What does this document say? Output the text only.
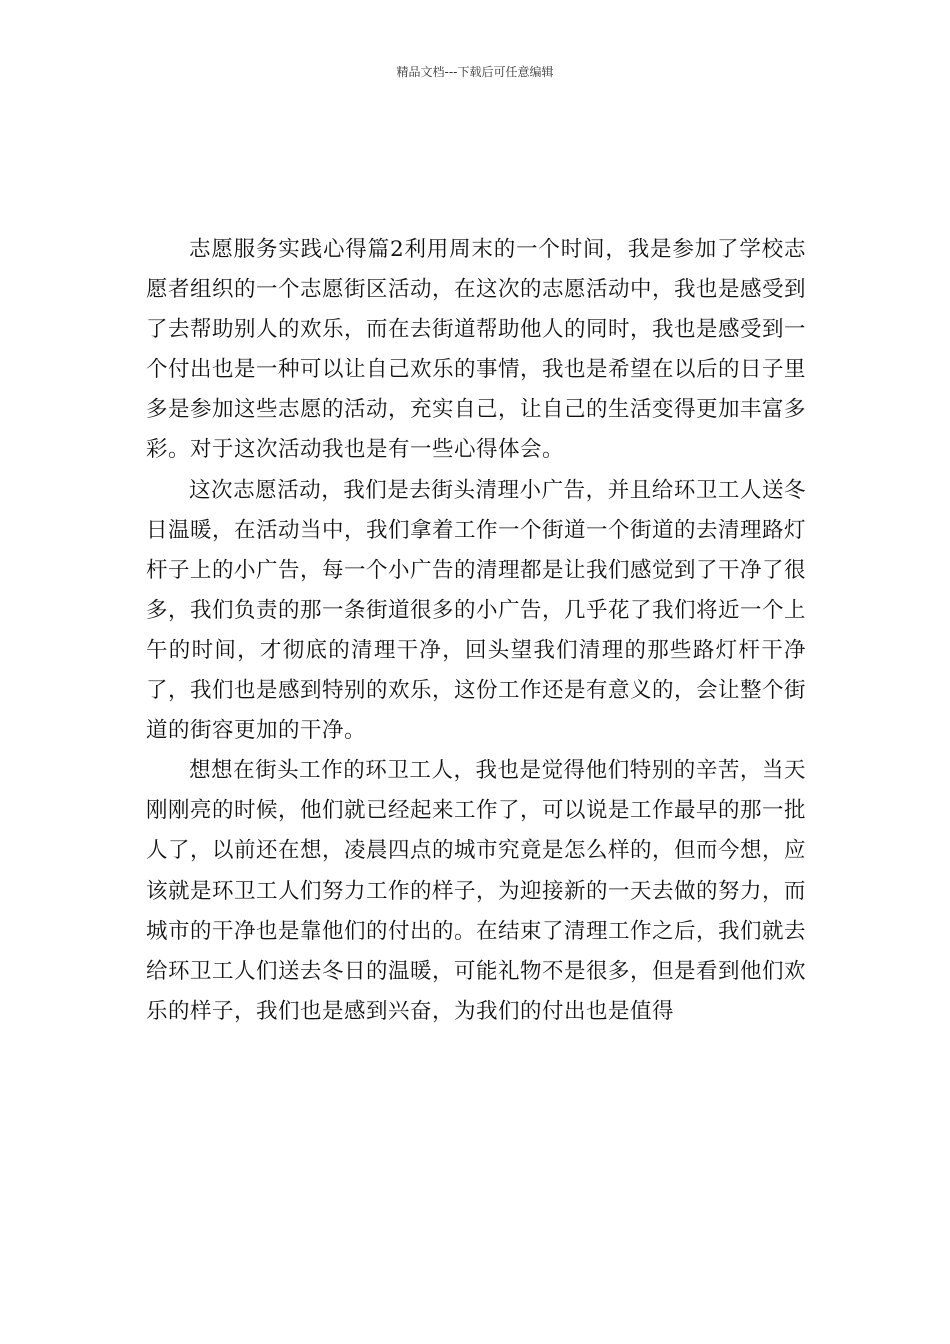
精品文档---下载后可任意编辑

志愿服务实践心得篇2利用周末的一个时间，我是参加了学校志愿者组织的一个志愿街区活动，在这次的志愿活动中，我也是感受到了去帮助别人的欢乐，而在去街道帮助他人的同时，我也是感受到一个付出也是一种可以让自己欢乐的事情，我也是希望在以后的日子里多是参加这些志愿的活动，充实自己，让自己的生活变得更加丰富多彩。对于这次活动我也是有一些心得体会。

这次志愿活动，我们是去街头清理小广告，并且给环卫工人送冬日温暖，在活动当中，我们拿着工作一个街道一个街道的去清理路灯杆子上的小广告，每一个小广告的清理都是让我们感觉到了干净了很多，我们负责的那一条街道很多的小广告，几乎花了我们将近一个上午的时间，才彻底的清理干净，回头望我们清理的那些路灯杆干净了，我们也是感到特别的欢乐，这份工作还是有意义的，会让整个街道的街容更加的干净。

想想在街头工作的环卫工人，我也是觉得他们特别的辛苦，当天刚刚亮的时候，他们就已经起来工作了，可以说是工作最早的那一批人了，以前还在想，凌晨四点的城市究竟是怎么样的，但而今想，应该就是环卫工人们努力工作的样子，为迎接新的一天去做的努力，而城市的干净也是靠他们的付出的。在结束了清理工作之后，我们就去给环卫工人们送去冬日的温暖，可能礼物不是很多，但是看到他们欢乐的样子，我们也是感到兴奋，为我们的付出也是值得
